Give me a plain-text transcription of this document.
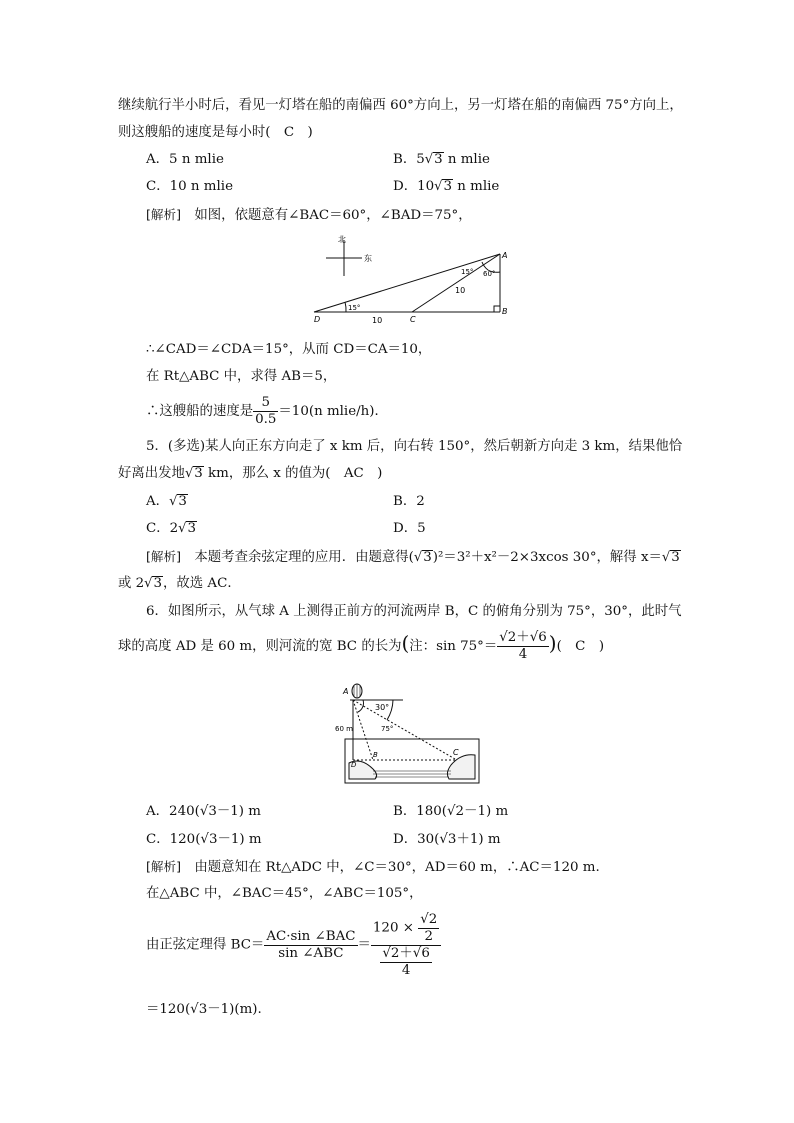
继续航行半小时后，看见一灯塔在船的南偏西 60°方向上，另一灯塔在船的南偏西 75°方向上，
则这艘船的速度是每小时(　C　)
A．5 n mlie	B．5√3 n mlie
C．10 n mlie	D．10√3 n mlie
[解析]　 如图，依题意有∠BAC＝60°，∠BAD＝75°，
北
东	A
B
C
D
15° 60°
15°
10
10
∴∠CAD＝∠CDA＝15°，从而 CD＝CA＝10，
在 Rt△ABC 中，求得 AB＝5，
∴这艘船的速度是 $\frac{5}{0.5} =10(n$ mlie/h)．
5．(多选)某人向正东方向走了 x km 后，向右转 150°，然后朝新方向走 3 km，结果他恰
好离出发地√3 km，那么 x 的值为(　AC　)
A．√3	B．2
C．2√3	D．5
[解析]　 本题考查余弦定理的应用．由题意得(√3)²＝3²＋x²－2×3xcos 30°，解得 x＝√3
或 2√3，故选 AC．
6．如图所示，从气球 A 上测得正前方的河流两岸 B，C 的俯角分别为 75°，30°，此时气
球的高度 AD 是 60 m，则河流的宽 BC 的长为(注：$\sin 75^\circ= \frac{√2+√6}{4}$ )(　C　)
A
60 m
30°
75°
B	C
D
A．240(√3－1) m	B．180(√2－1) m
C．120(√3－1) m	D．30(√3＋1) m
[解析]　 由题意知在 Rt△ADC 中，∠C＝30°，AD＝60 m，∴AC＝120 m.
在△ABC 中，∠BAC＝45°，∠ABC＝105°，
由正弦定理得 $BC= \frac{\text{AC·sin ∠BAC}}{\text{sin ∠ABC}} = \frac{120 \times \frac{√2}{2}}{\frac{√2+√6}{4}}$
＝120(√3－1)(m).
